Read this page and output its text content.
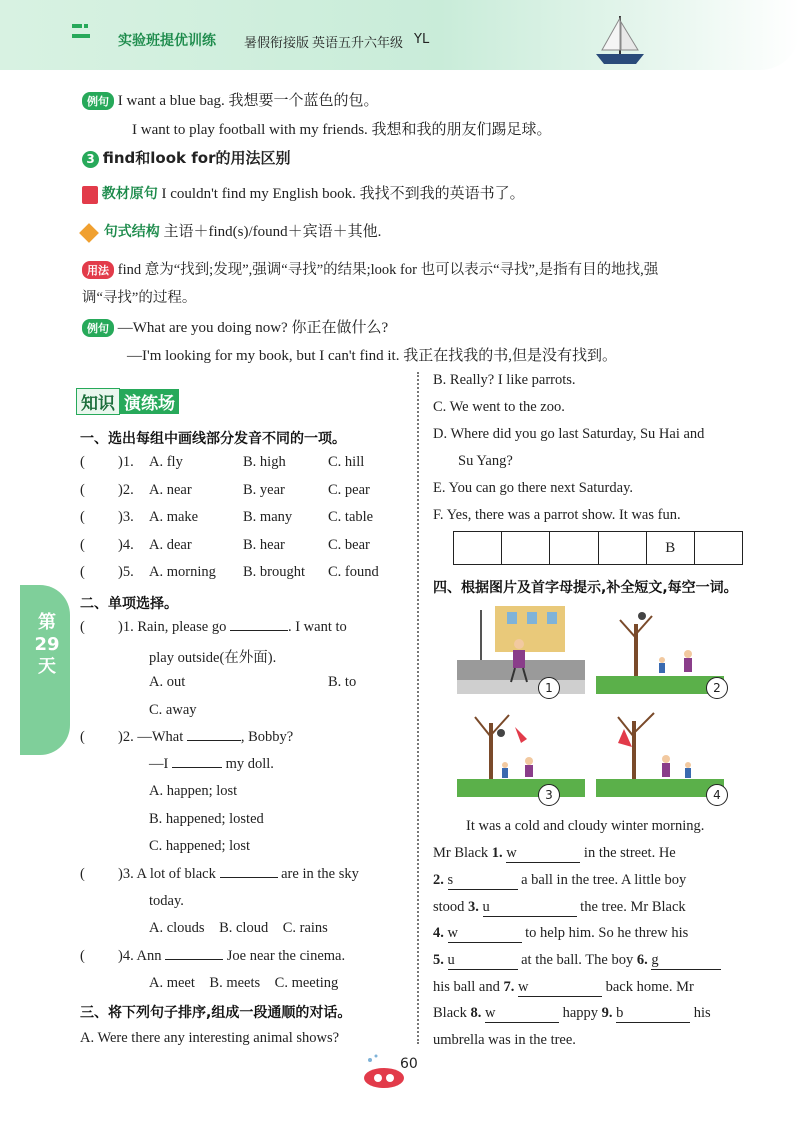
实验班提优训练 暑假衔接版 英语五升六年级 YL
例句 I want a blue bag. 我想要一个蓝色的包。
I want to play football with my friends. 我想和我的朋友们踢足球。
3 find和look for的用法区别
教材原句 I couldn't find my English book. 我找不到我的英语书了。
句式结构 主语＋find(s)/found＋宾语＋其他.
用法 find 意为“找到;发现”,强调“寻找”的结果;look for 也可以表示“寻找”,是指有目的地找,强
调“寻找”的过程。
例句 —What are you doing now? 你正在做什么?
—I'm looking for my book, but I can't find it. 我正在找我的书,但是没有找到。
第29天
知识 演练场
一、选出每组中画线部分发音不同的一项。
( )1. A. fly	B. high	C. hill
( )2. A. near	B. year	C. pear
( )3. A. make	B. many C. table
( )4. A. dear	B. hear	C. bear
( )5. A. morning B. brought C. found
二、单项选择。
( )1. Rain, please go	. I want to
play outside(在外面).
A. out	B. to
C. away
( )2. —What	, Bobby?
—I	my doll.
A. happen; lost
B. happened; losted
C. happened; lost
( )3. A lot of black	are in the sky
today.
A. clouds    B. cloud    C. rains
( )4. Ann	Joe near the cinema.
A. meet    B. meets    C. meeting
三、将下列句子排序,组成一段通顺的对话。
A. Were there any interesting animal shows?
B. Really? I like parrots.
C. We went to the zoo.
D. Where did you go last Saturday, Su Hai and
Su Yang?
E. You can go there next Saturday.
F. Yes, there was a parrot show. It was fun.
B
四、根据图片及首字母提示,补全短文,每空一词。
1	2
3	4
It was a cold and cloudy winter morning.
Mr Black 1. w	in the street. He
2. s	a ball in the tree. A little boy
stood 3. u	the tree. Mr Black
4. w	to help him. So he threw his
5. u	at the ball. The boy 6. g
his ball and 7. w	back home. Mr
Black 8. w	happy 9. b	his
umbrella was in the tree.
60
